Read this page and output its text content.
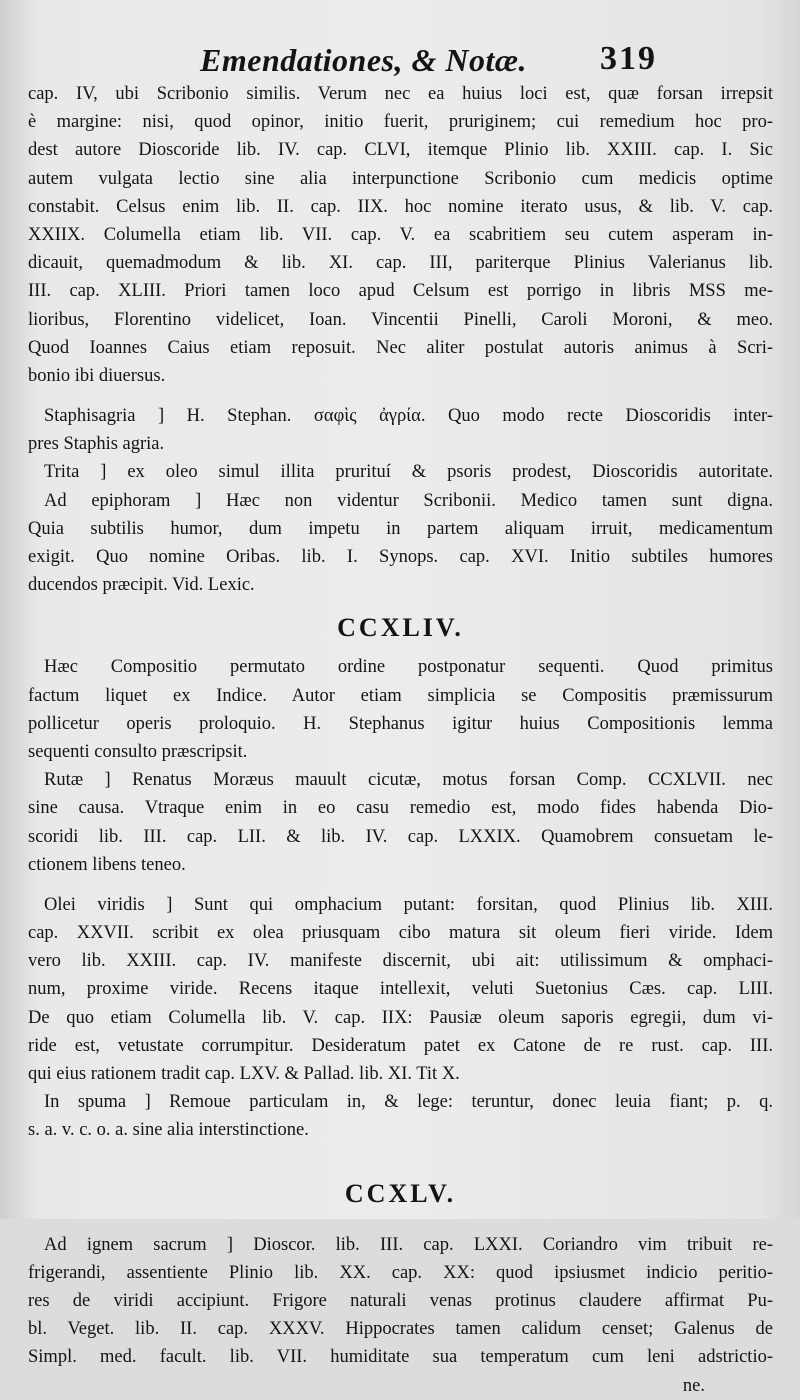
Emendationes, & Notæ. 319
cap. IV, ubi Scribonio similis. Verum nec ea huius loci est, quæ forsan irrepsit
è margine: nisi, quod opinor, initio fuerit, pruriginem; cui remedium hoc pro-
dest autore Dioscoride lib. IV. cap. CLVI, itemque Plinio lib. XXIII. cap. I. Sic
autem vulgata lectio sine alia interpunctione Scribonio cum medicis optime
constabit. Celsus enim lib. II. cap. IIX. hoc nomine iterato usus, & lib. V. cap.
XXIIX. Columella etiam lib. VII. cap. V. ea scabritiem seu cutem asperam in-
dicauit, quemadmodum & lib. XI. cap. III, pariterque Plinius Valerianus lib.
III. cap. XLIII. Priori tamen loco apud Celsum est porrigo in libris MSS me-
lioribus, Florentino videlicet, Ioan. Vincentii Pinelli, Caroli Moroni, & meo.
Quod Ioannes Caius etiam reposuit. Nec aliter postulat autoris animus à Scri-
bonio ibi diuersus.
Staphisagria ] H. Stephan. σαφὶς ἀγρία. Quo modo recte Dioscoridis inter-
pres Staphis agria.
Trita ] ex oleo simul illita prurituí & psoris prodest, Dioscoridis autoritate.
Ad epiphoram ] Hæc non videntur Scribonii. Medico tamen sunt digna.
Quia subtilis humor, dum impetu in partem aliquam irruit, medicamentum
exigit. Quo nomine Oribas. lib. I. Synops. cap. XVI. Initio subtiles humores
ducendos præcipit. Vid. Lexic.
CCXLIV.
Hæc Compositio permutato ordine postponatur sequenti. Quod primitus
factum liquet ex Indice. Autor etiam simplicia se Compositis præmissurum
pollicetur operis proloquio. H. Stephanus igitur huius Compositionis lemma
sequenti consulto præscripsit.
Rutæ ] Renatus Moræus mauult cicutæ, motus forsan Comp. CCXLVII. nec
sine causa. Vtraque enim in eo casu remedio est, modo fides habenda Dio-
scoridi lib. III. cap. LII. & lib. IV. cap. LXXIX. Quamobrem consuetam le-
ctionem libens teneo.
Olei viridis ] Sunt qui omphacium putant: forsitan, quod Plinius lib. XIII.
cap. XXVII. scribit ex olea priusquam cibo matura sit oleum fieri viride. Idem
vero lib. XXIII. cap. IV. manifeste discernit, ubi ait: utilissimum & omphaci-
num, proxime viride. Recens itaque intellexit, veluti Suetonius Cæs. cap. LIII.
De quo etiam Columella lib. V. cap. IIX: Pausiæ oleum saporis egregii, dum vi-
ride est, vetustate corrumpitur. Desideratum patet ex Catone de re rust. cap. III.
qui eius rationem tradit cap. LXV. & Pallad. lib. XI. Tit X.
In spuma ] Remoue particulam in, & lege: teruntur, donec leuia fiant; p. q.
s. a. v. c. o. a. sine alia interstinctione.
CCXLV.
Ad ignem sacrum ] Dioscor. lib. III. cap. LXXI. Coriandro vim tribuit re-
frigerandi, assentiente Plinio lib. XX. cap. XX: quod ipsiusmet indicio peritio-
res de viridi accipiunt. Frigore naturali venas protinus claudere affirmat Pu-
bl. Veget. lib. II. cap. XXXV. Hippocrates tamen calidum censet; Galenus de
Simpl. med. facult. lib. VII. humiditate sua temperatum cum leni adstrictio-
ne.
